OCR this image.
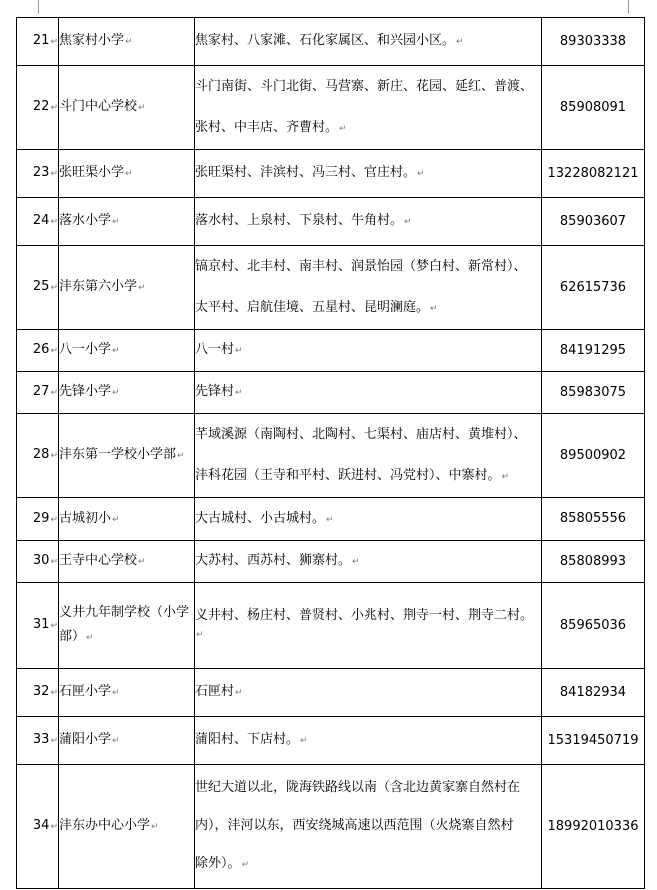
21↵	焦家村小学↵	焦家村、八家滩、石化家属区、和兴园小区。↵	89303338
22↵	斗门中心学校↵	斗门南街、斗门北街、马营寨、新庄、花园、延红、普渡、
张村、中丰店、齐曹村。↵	85908091
23↵	张旺渠小学↵	张旺渠村、沣滨村、冯三村、官庄村。↵	13228082121
24↵	落水小学↵	落水村、上泉村、下泉村、牛角村。↵	85903607
25↵	沣东第六小学↵	镐京村、北丰村、南丰村、润景怡园（梦白村、新常村）、
太平村、启航佳境、五星村、昆明澜庭。↵	62615736
26↵	八一小学↵	八一村↵	84191295
27↵	先锋小学↵	先锋村↵	85983075
28↵	沣东第一学校小学部↵	芊域溪源（南陶村、北陶村、七渠村、庙店村、黄堆村）、
沣科花园（王寺和平村、跃进村、冯党村）、中寨村。↵	89500902
29↵	古城初小↵	大古城村、小古城村。↵	85805556
30↵	王寺中心学校↵	大苏村、西苏村、狮寨村。↵	85808993
31↵	义井九年制学校（小学部）↵	义井村、杨庄村、普贤村、小兆村、荆寺一村、荆寺二村。↵	85965036
32↵	石匣小学↵	石匣村↵	84182934
33↵	蒲阳小学↵	蒲阳村、下店村。↵	15319450719
34↵	沣东办中心小学↵	世纪大道以北，陇海铁路线以南（含北边黄家寨自然村在
内），沣河以东，西安绕城高速以西范围（火烧寨自然村
除外）。↵	18992010336
